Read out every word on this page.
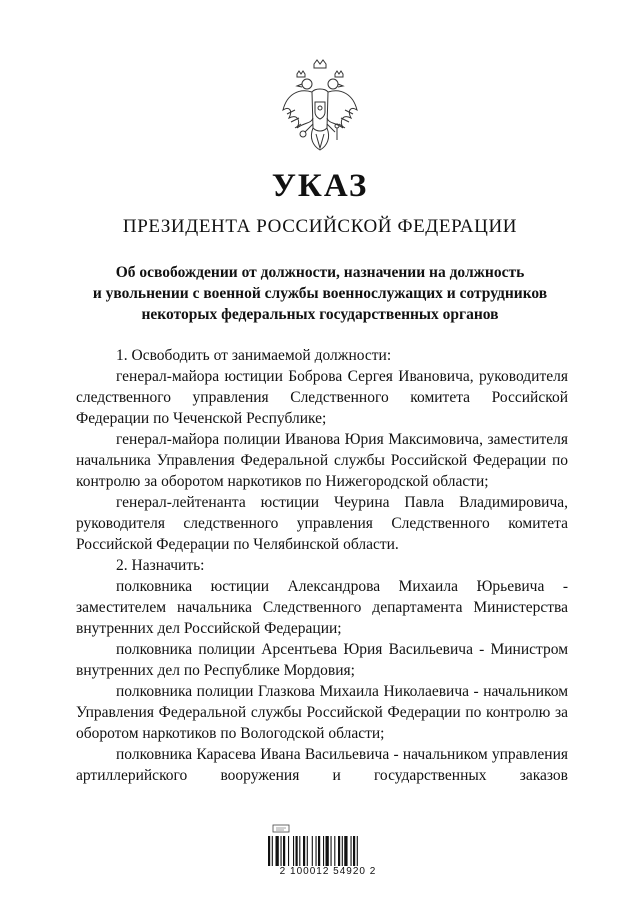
УКАЗ
ПРЕЗИДЕНТА РОССИЙСКОЙ ФЕДЕРАЦИИ
Об освобождении от должности, назначении на должность
и увольнении с военной службы военнослужащих и сотрудников
некоторых федеральных государственных органов

1. Освободить от занимаемой должности:

генерал-майора юстиции Боброва Сергея Ивановича, руководителя следственного управления Следственного комитета Российской Федерации по Чеченской Республике;

генерал-майора полиции Иванова Юрия Максимовича, заместителя начальника Управления Федеральной службы Российской Федерации по контролю за оборотом наркотиков по Нижегородской области;

генерал-лейтенанта юстиции Чеурина Павла Владимировича, руководителя следственного управления Следственного комитета Российской Федерации по Челябинской области.

2. Назначить:

полковника юстиции Александрова Михаила Юрьевича - заместителем начальника Следственного департамента Министерства внутренних дел Российской Федерации;

полковника полиции Арсентьева Юрия Васильевича - Министром внутренних дел по Республике Мордовия;

полковника полиции Глазкова Михаила Николаевича - начальником Управления Федеральной службы Российской Федерации по контролю за оборотом наркотиков по Вологодской области;

полковника Карасева Ивана Васильевича - начальником управления артиллерийского вооружения и государственных заказов

2 100012 54920 2
